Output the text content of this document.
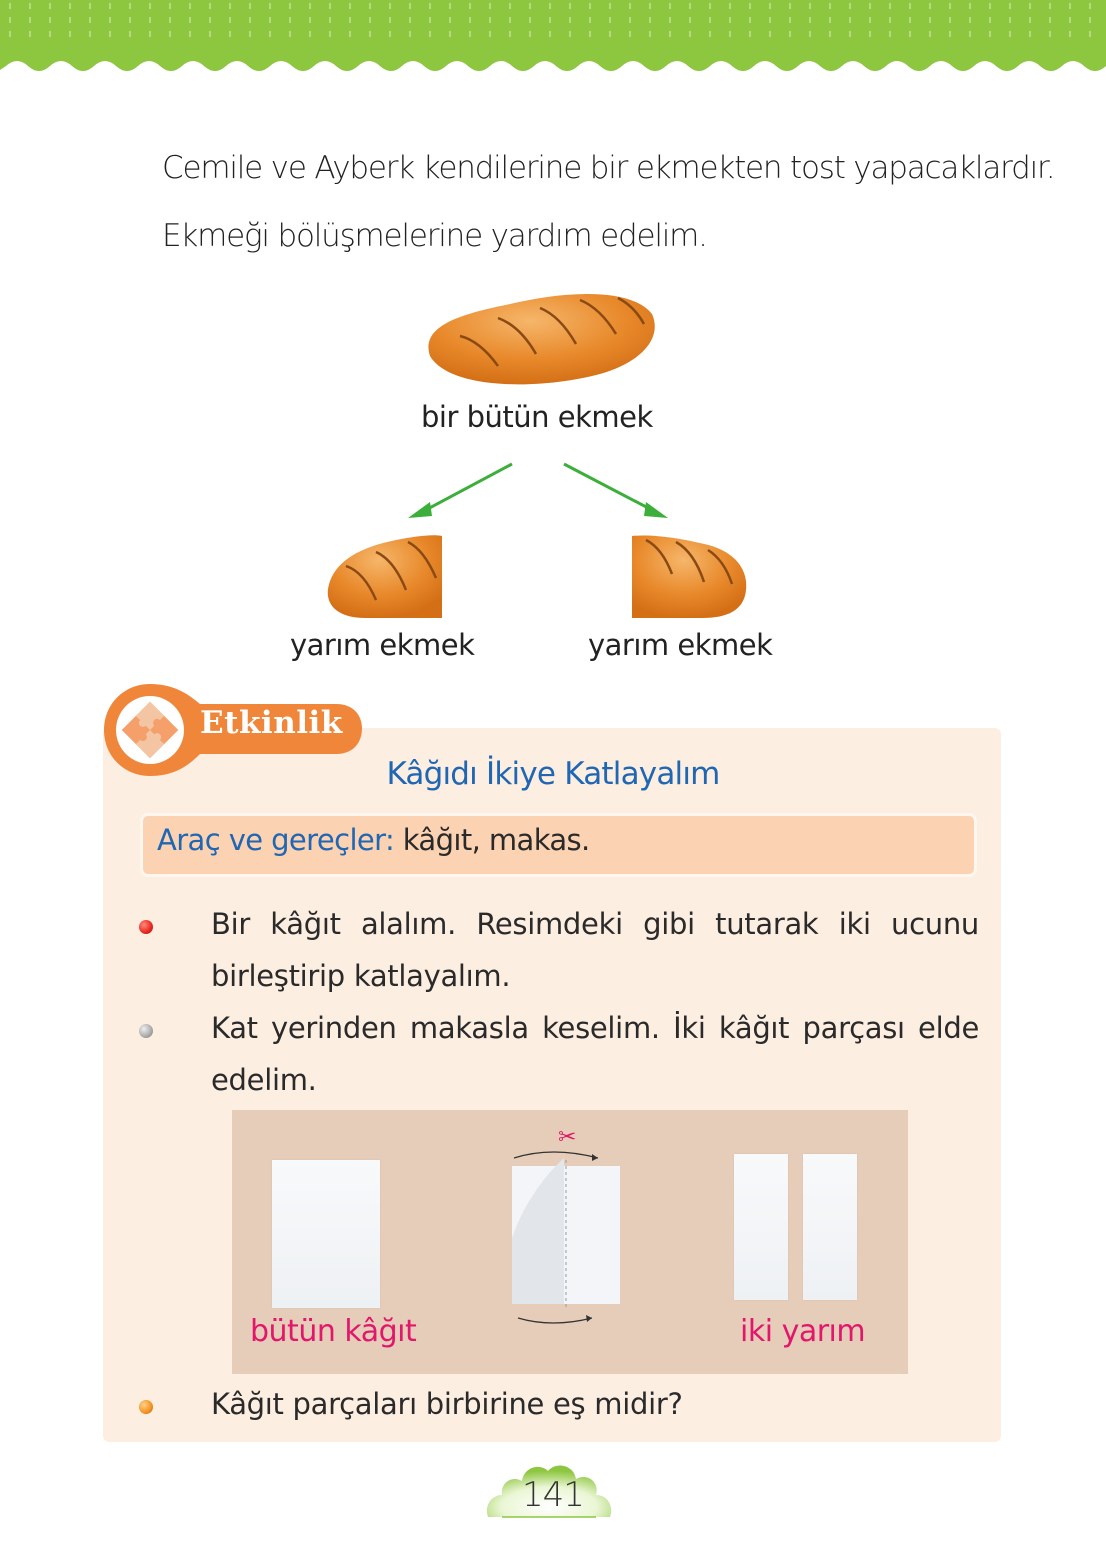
Cemile ve Ayberk kendilerine bir ekmekten tost yapacaklardır.
Ekmeği bölüşmelerine yardım edelim.
bir bütün ekmek
yarım ekmek	yarım ekmek
Etkinlik
Kâğıdı İkiye Katlayalım
Araç ve gereçler: kâğıt, makas.
Bir kâğıt alalım. Resimdeki gibi tutarak iki ucunu birleştirip katlayalım.
Kat yerinden makasla keselim. İki kâğıt parçası elde edelim.
✂
bütün kâğıt	iki yarım
Kâğıt parçaları birbirine eş midir?
141
